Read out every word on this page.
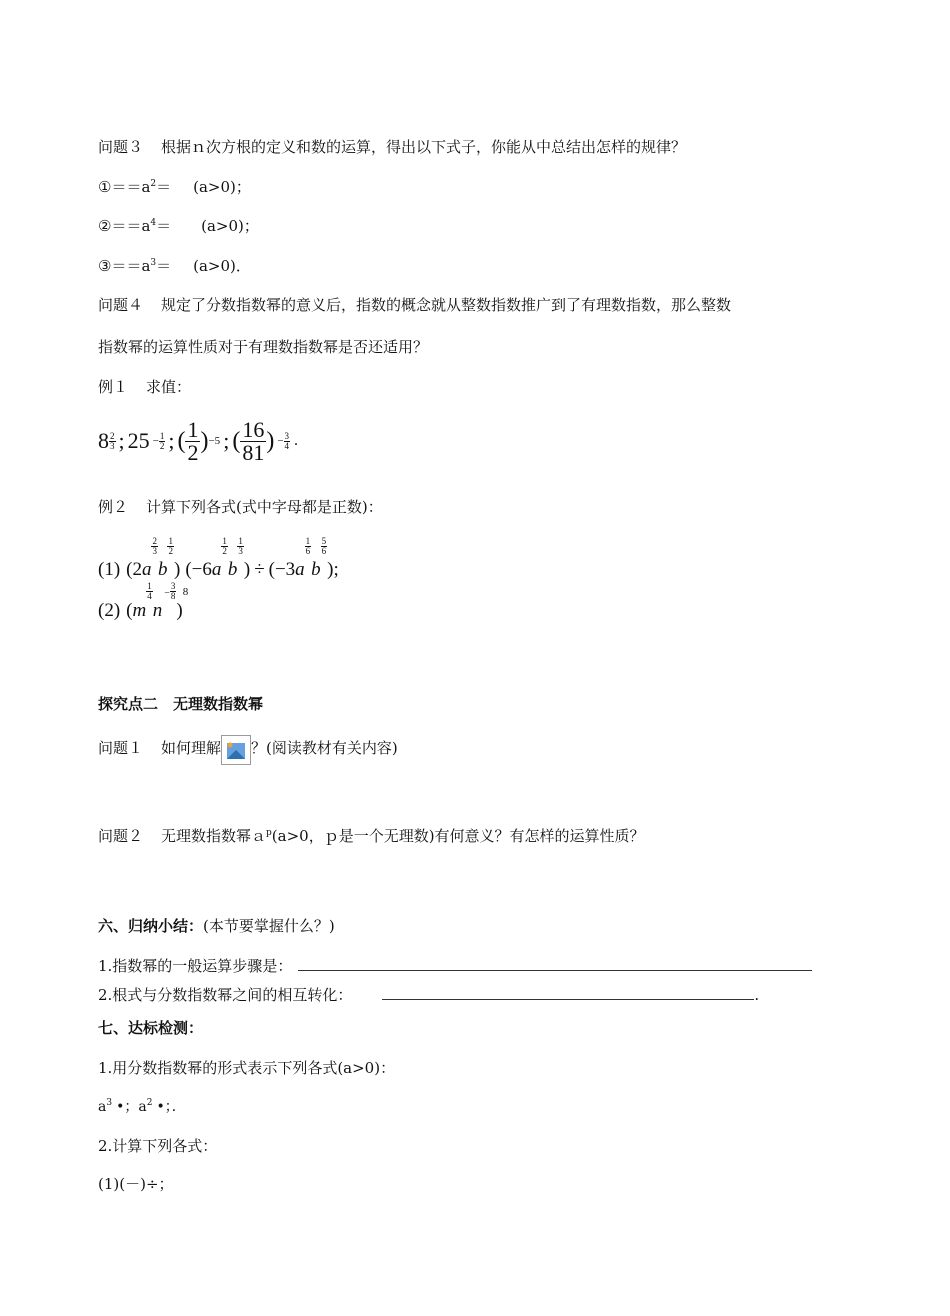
问题３ 根据ｎ次方根的定义和数的运算，得出以下式子，你能从中总结出怎样的规律？
$①==a^2= (a>0)$；
$②==a^4= (a>0)$；
$③==a^3= (a>0)$．
问题４ 规定了分数指数幂的意义后，指数的概念就从整数指数推广到了有理数指数，那么整数
指数幂的运算性质对于有理数指数幂是否还适用？
例１ 求值：
8 2
3 ; $25 - \frac{1}{2}$ ; ( $\frac{1}{2}$ ) −5 ; ( $\frac{16}{81}$ ) − $\frac{3}{4}$ .
例２ 计算下列各式(式中字母都是正数)：
(1) ( 2 a
2
3
b
1
2
) ( −6 a
1
2
b
1
3
) ÷ ( −3 a
1
6
b
5
6
) ;
(2) ( m
1
4
n
− $\frac{3}{8}$
)
8
探究点二　无理数指数幂
问题１ 如何理解 ？(阅读教材有关内容)
问题２ 无理数指数幂ａ$^p$(a>0，ｐ是一个无理数)有何意义？有怎样的运算性质？
六、归纳小结：(本节要掌握什么？)
1.指数幂的一般运算步骤是：
2.根式与分数指数幂之间的相互转化：	.
七、达标检测：
1.用分数指数幂的形式表示下列各式(a>0)：
$a^3$ •；$a^2$ •；．
2.计算下列各式：
(1)(－)÷；
